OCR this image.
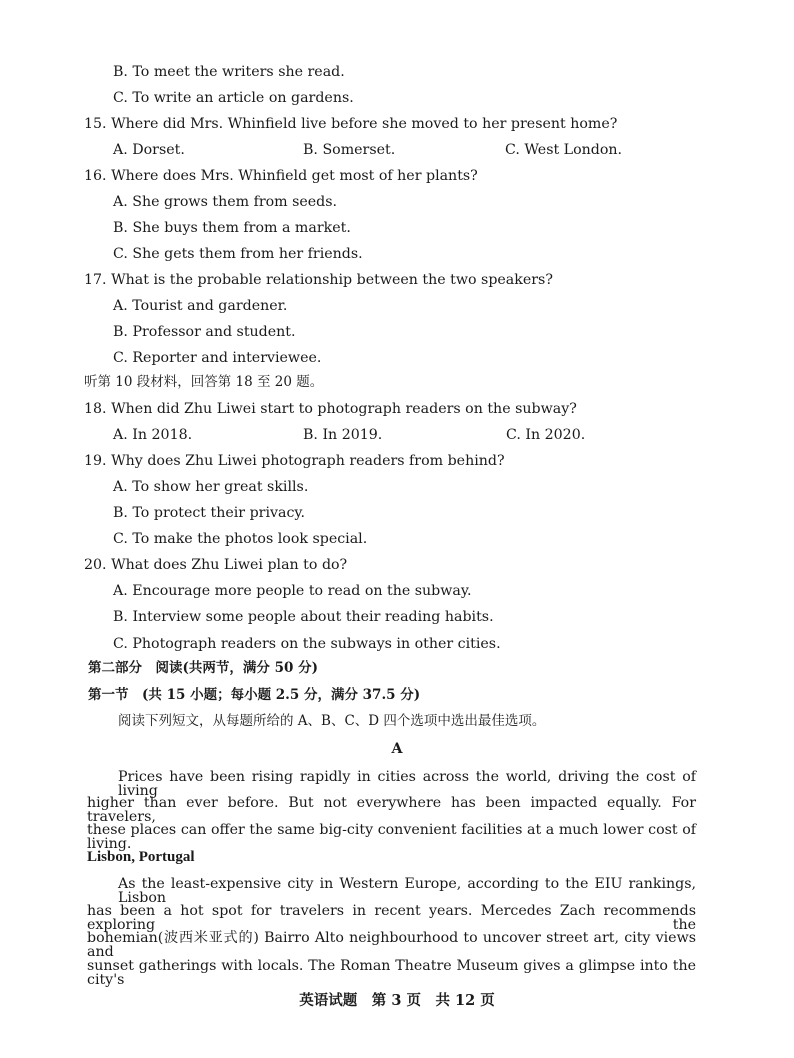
B. To meet the writers she read.
C. To write an article on gardens.
15. Where did Mrs. Whinfield live before she moved to her present home?
A. Dorset.	B. Somerset.	C. West London.
16. Where does Mrs. Whinfield get most of her plants?
A. She grows them from seeds.
B. She buys them from a market.
C. She gets them from her friends.
17. What is the probable relationship between the two speakers?
A. Tourist and gardener.
B. Professor and student.
C. Reporter and interviewee.
听第 10 段材料，回答第 18 至 20 题。
18. When did Zhu Liwei start to photograph readers on the subway?
A. In 2018.	B. In 2019.	C. In 2020.
19. Why does Zhu Liwei photograph readers from behind?
A. To show her great skills.
B. To protect their privacy.
C. To make the photos look special.
20. What does Zhu Liwei plan to do?
A. Encourage more people to read on the subway.
B. Interview some people about their reading habits.
C. Photograph readers on the subways in other cities.
第二部分　阅读(共两节，满分 50 分)
第一节　(共 15 小题；每小题 2.5 分，满分 37.5 分)
阅读下列短文，从每题所给的 A、B、C、D 四个选项中选出最佳选项。
A
Prices have been rising rapidly in cities across the world, driving the cost of living
higher than ever before. But not everywhere has been impacted equally. For travelers,
these places can offer the same big-city convenient facilities at a much lower cost of living.
Lisbon, Portugal
As the least-expensive city in Western Europe, according to the EIU rankings, Lisbon
has been a hot spot for travelers in recent years. Mercedes Zach recommends exploring the
bohemian(波西米亚式的) Bairro Alto neighbourhood to uncover street art, city views and
sunset gatherings with locals. The Roman Theatre Museum gives a glimpse into the city's
英语试题　第 3 页　共 12 页
